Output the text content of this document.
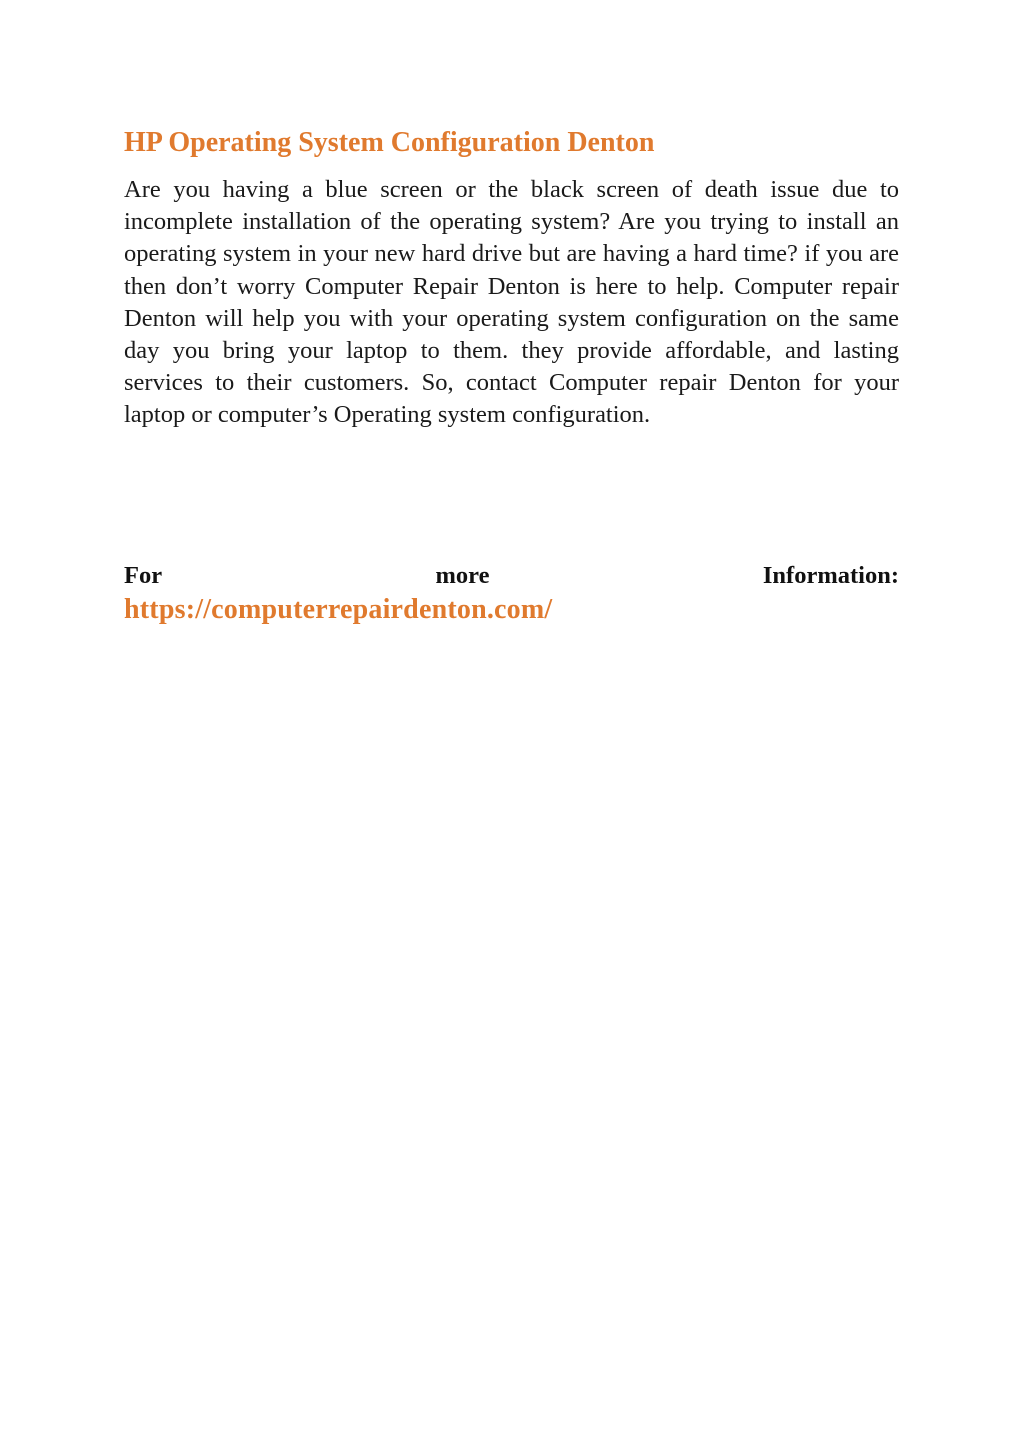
HP Operating System Configuration Denton

Are you having a blue screen or the black screen of death issue due to incomplete installation of the operating system? Are you trying to install an operating system in your new hard drive but are having a hard time? if you are then don’t worry Computer Repair Denton is here to help. Computer repair Denton will help you with your operating system configuration on the same day you bring your laptop to them. they provide affordable, and lasting services to their customers. So, contact Computer repair Denton for your laptop or computer’s Operating system configuration.

For	more	Information:
https://computerrepairdenton.com/
